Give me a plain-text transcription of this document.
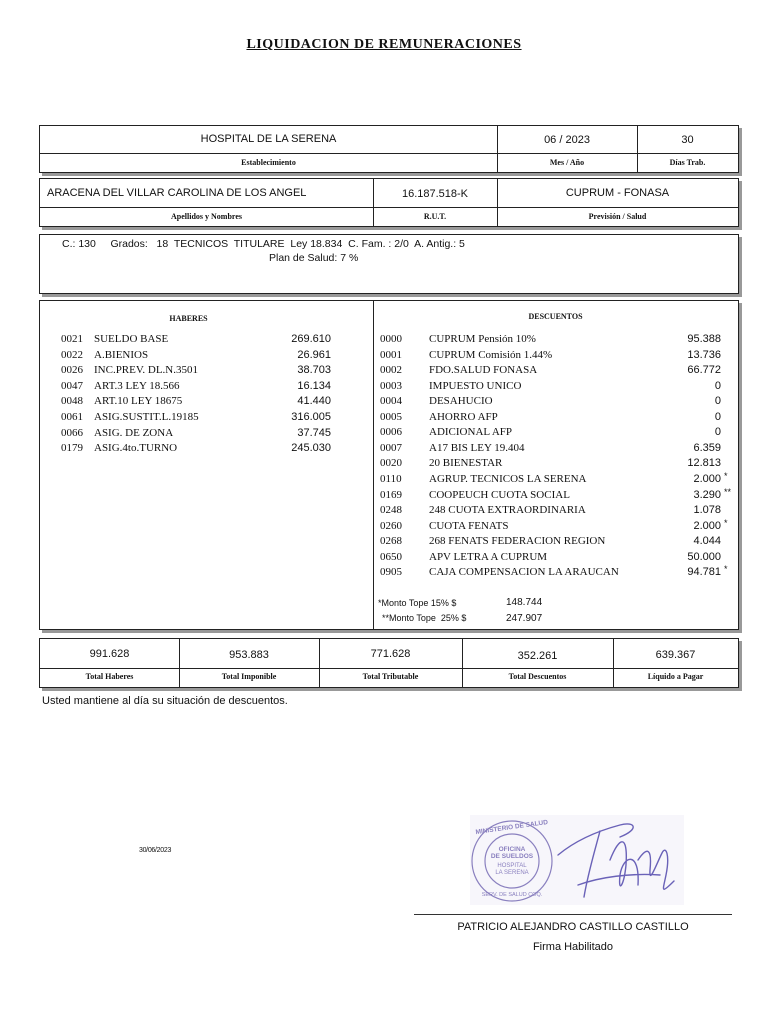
LIQUIDACION DE REMUNERACIONES
HOSPITAL DE LA SERENA	06 / 2023	30
Establecimiento	Mes / Año	Días Trab.
ARACENA DEL VILLAR CAROLINA DE LOS ANGEL	16.187.518-K	CUPRUM - FONASA
Apellidos y Nombres	R.U.T.	Previsión / Salud
C.: 130     Grados:   18  TECNICOS  TITULARE  Ley 18.834  C. Fam. : 2/0  A. Antig.: 5
Plan de Salud: 7 %
HABERES	DESCUENTOS
0021 SUELDO BASE	269.610
0022 A.BIENIOS	26.961
0026 INC.PREV. DL.N.3501	38.703
0047 ART.3 LEY 18.566	16.134
0048 ART.10 LEY 18675	41.440
0061 ASIG.SUSTIT.L.19185	316.005
0066 ASIG. DE ZONA	37.745
0179 ASIG.4to.TURNO	245.030
0000 CUPRUM Pensión 10%	95.388
0001 CUPRUM Comisión 1.44%	13.736
0002 FDO.SALUD FONASA	66.772
0003 IMPUESTO UNICO	0
0004 DESAHUCIO	0
0005 AHORRO AFP	0
0006 ADICIONAL AFP	0
0007 A17 BIS LEY 19.404	6.359
0020 20 BIENESTAR	12.813
0110 AGRUP. TECNICOS LA SERENA	2.000 *
0169 COOPEUCH CUOTA SOCIAL	3.290 **
0248 248 CUOTA EXTRAORDINARIA	1.078
0260 CUOTA FENATS	2.000 *
0268 268 FENATS FEDERACION REGION	4.044
0650 APV LETRA A CUPRUM	50.000
0905 CAJA COMPENSACION LA ARAUCAN	94.781 *
*Monto Tope 15% $	148.744
**Monto Tope  25% $	247.907
991.628	953.883	771.628	352.261	639.367
Total Haberes	Total Imponible	Total Tributable	Total Descuentos	Líquido a Pagar
Usted mantiene al día su situación de descuentos.
30/06/2023
MINISTERIO DE SALUD
OFICINA
DE SUELDOS
HOSPITAL
LA SERENA
SERV. DE SALUD COQ.
PATRICIO ALEJANDRO CASTILLO CASTILLO
Firma Habilitado
